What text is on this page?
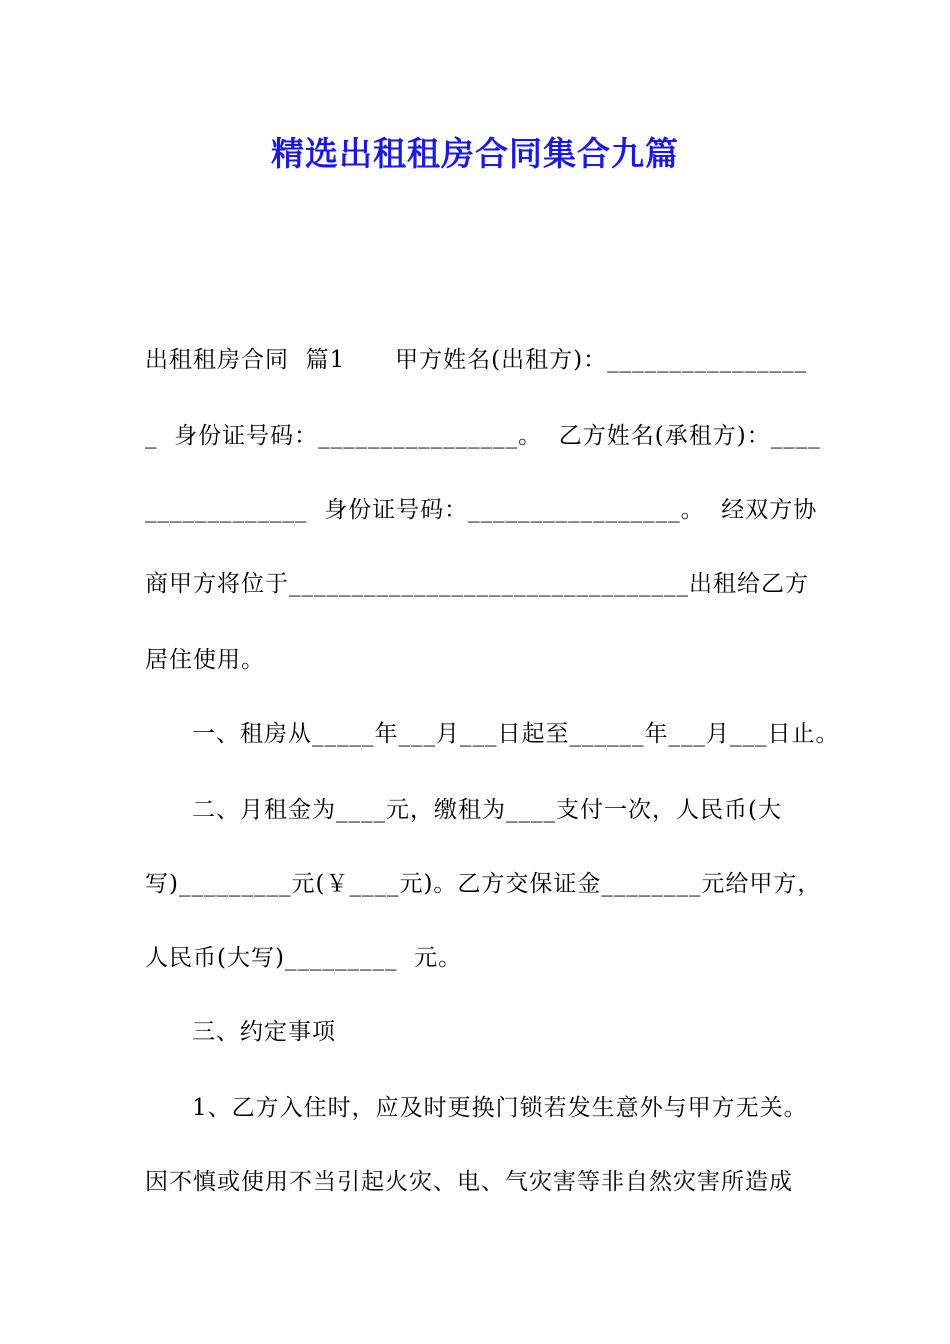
精选出租租房合同集合九篇
出租租房合同  篇1      甲方姓名(出租方)：________________
_  身份证号码：________________。  乙方姓名(承租方)：____
_____________  身份证号码：_________________。  经双方协
商甲方将位于________________________________出租给乙方
居住使用。
一、租房从_____年___月___日起至______年___月___日止。
二、月租金为____元，缴租为____支付一次，人民币(大
写)_________元(￥____元)。乙方交保证金________元给甲方，
人民币(大写)_________  元。
三、约定事项
1、乙方入住时，应及时更换门锁若发生意外与甲方无关。
因不慎或使用不当引起火灾、电、气灾害等非自然灾害所造成
